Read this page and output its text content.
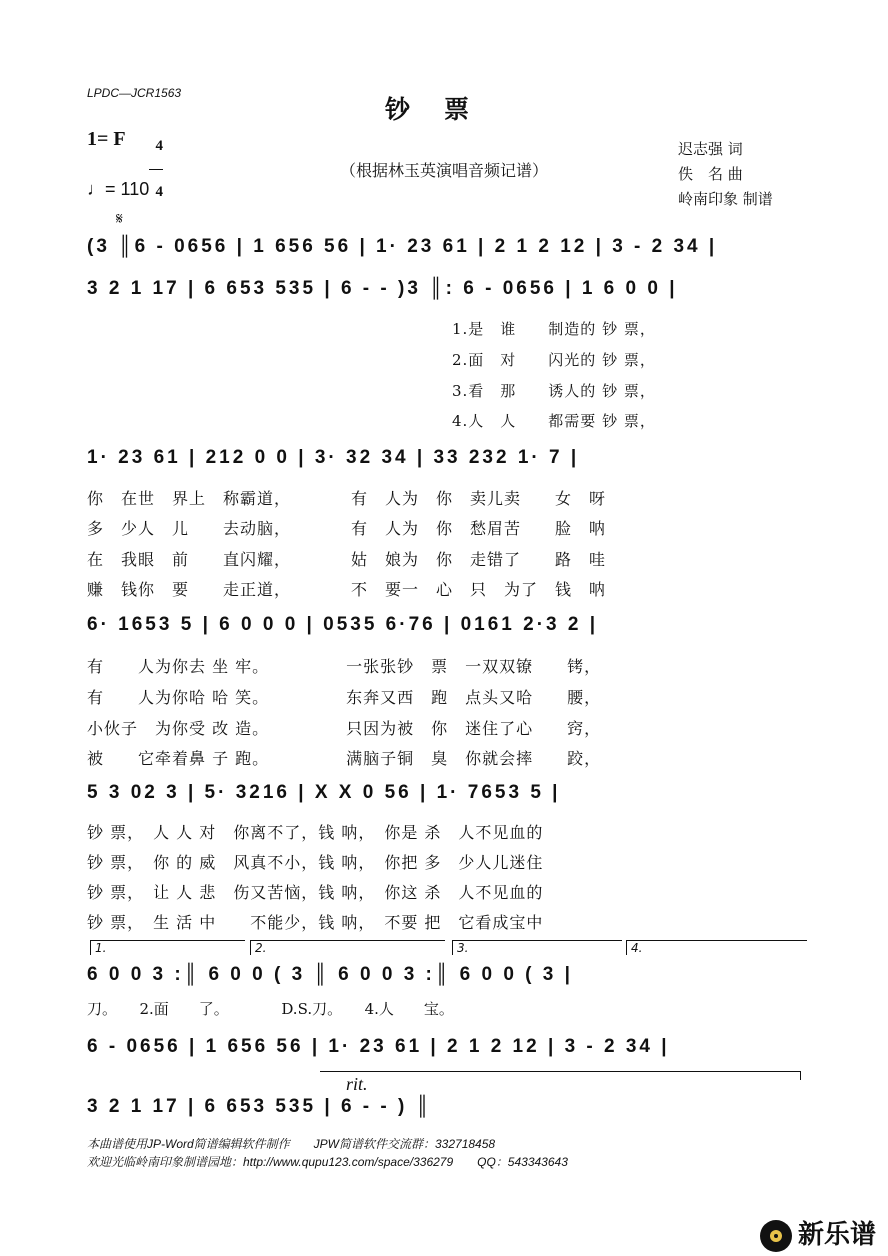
LPDC—JCR1563
钞票
1= F	4

4

♩= 110
（根据林玉英演唱音频记谱）
迟志强 词
佚　名 曲
岭南印象 制谱
𝄋
(3 ║6 - 0656 | 1 656 56 | 1· 23 61 | 2 1 2 12 | 3 - 2 34 |
3 2 1 17 | 6 653 535 | 6 - - )3 ║: 6 - 0656 | 1 6 0 0 |
1.是　谁　　制造的 钞 票，
2.面　对　　闪光的 钞 票，
3.看　那　　诱人的 钞 票，
4.人　人　　都需要 钞 票，
1· 23 61 | 212 0 0 | 3· 32 34 | 33 232 1· 7 |
你　在世　界上　称霸道，　　　　有　人为　你　卖儿卖　　女　呀
多　少人　儿　　去动脑，　　　　有　人为　你　愁眉苦　　脸　呐
在　我眼　前　　直闪耀，　　　　姑　娘为　你　走错了　　路　哇
赚　钱你　要　　走正道，　　　　不　要一　心　只　为了　钱　呐
6· 1653 5 | 6 0 0 0 | 0535 6·76 | 0161 2·3 2 |
有　　人为你去 坐 牢。　　　　　一张张钞　票　一双双镣　　铐，
有　　人为你哈 哈 笑。　　　　　东奔又西　跑　点头又哈　　腰，
小伙子　为你受 改 造。　　　　　只因为被　你　迷住了心　　窍，
被　　它牵着鼻 子 跑。　　　　　满脑子铜　臭　你就会摔　　跤，
5 3 02 3 | 5· 3216 | X X 0 56 | 1· 7653 5 |
钞 票，　人 人 对　你离不了，钱 呐，　你是 杀　人不见血的
钞 票，　你 的 威　风真不小，钱 呐，　你把 多　少人儿迷住
钞 票，　让 人 悲　伤又苦恼，钱 呐，　你这 杀　人不见血的
钞 票，　生 活 中　　不能少，钱 呐，　不要 把　它看成宝中
1.	2.	3.	4.
6 0 0 3 :║ 6 0 0 ( 3 ║ 6 0 0 3 :║ 6 0 0 ( 3 |
刀。　　2.面　　了。　　　　D.S.刀。　　4.人　　宝。
6 - 0656 | 1 656 56 | 1· 23 61 | 2 1 2 12 | 3 - 2 34 |
rit.
3 2 1 17 | 6 653 535 | 6 - - ) ║
本曲谱使用JP-Word简谱编辑软件制作　　JPW简谱软件交流群：332718458
欢迎光临岭南印象制谱园地：http://www.qupu123.com/space/336279　　QQ：543343643
新乐谱
